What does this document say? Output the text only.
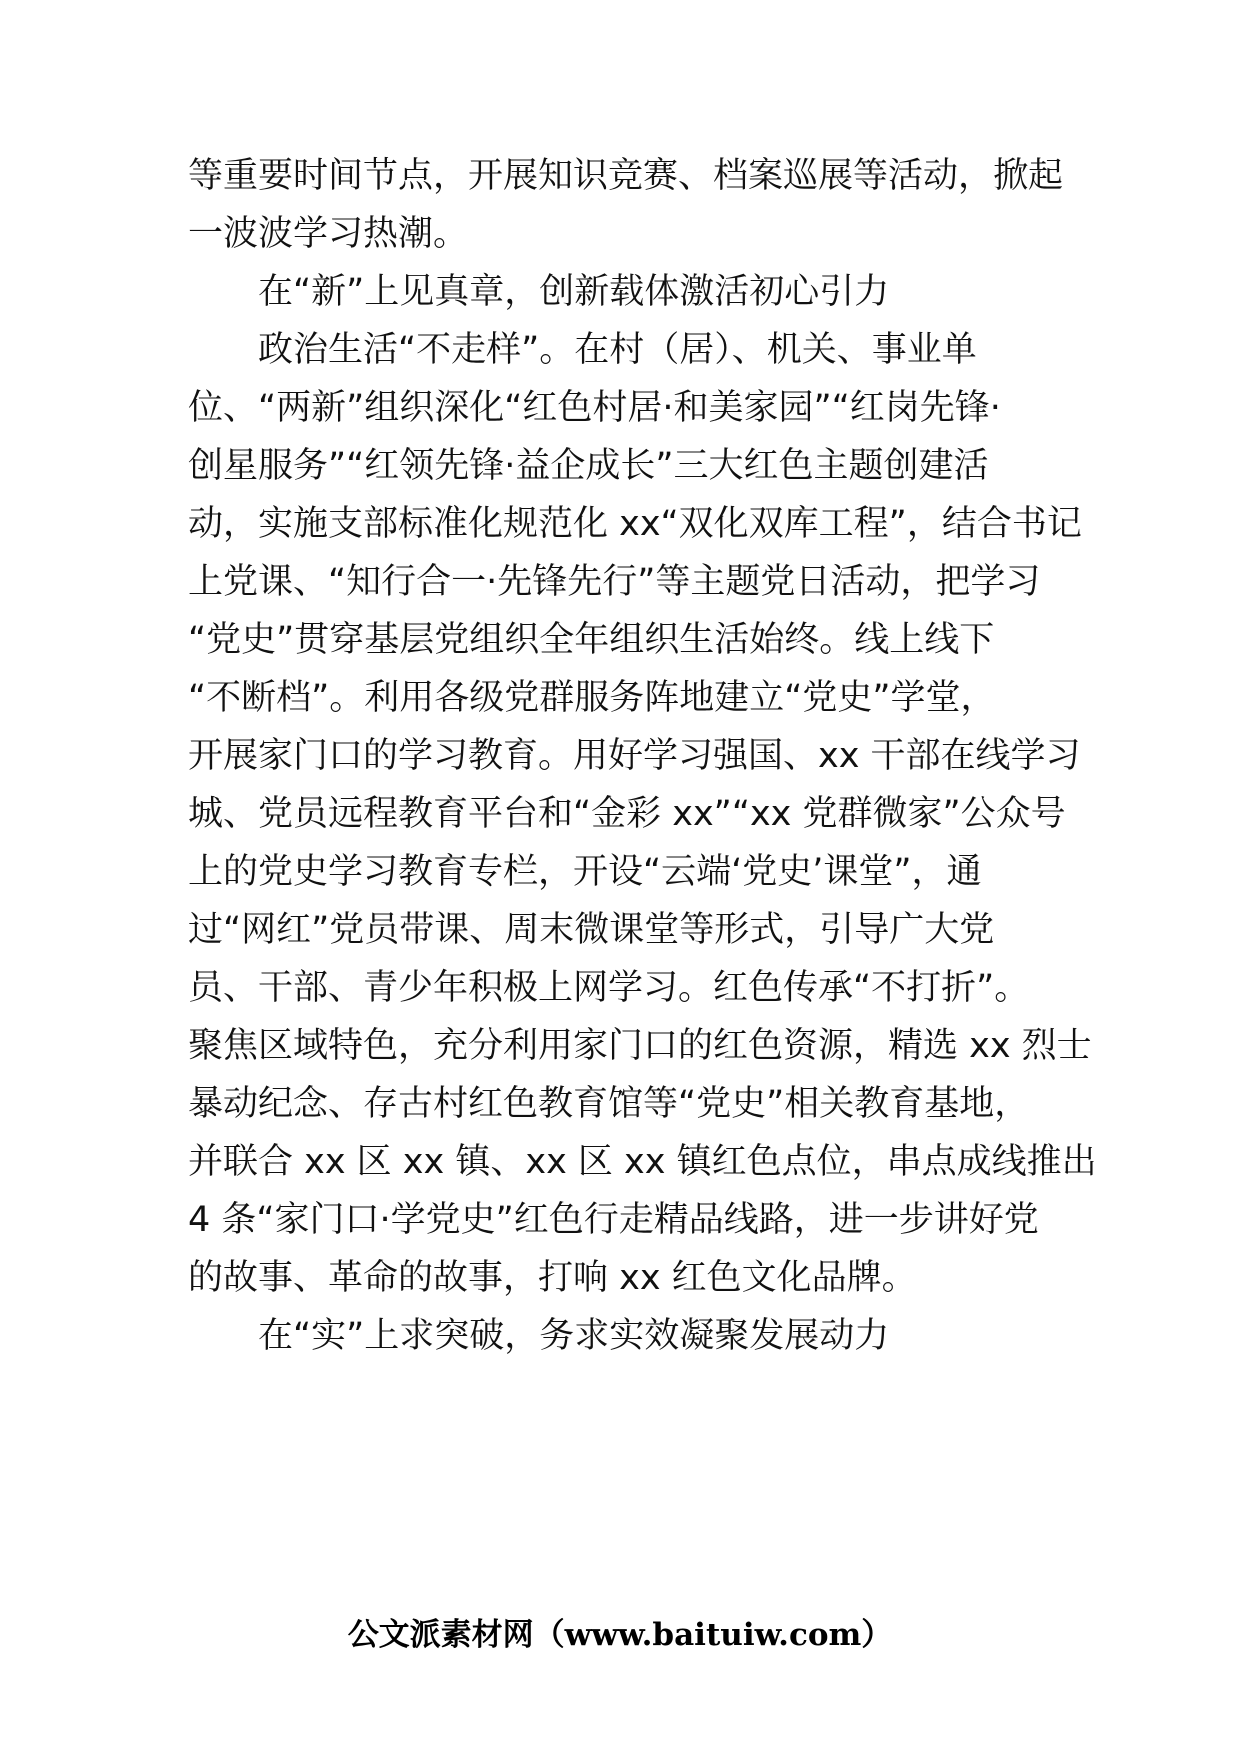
等重要时间节点，开展知识竞赛、档案巡展等活动，掀起
一波波学习热潮。
在“新”上见真章，创新载体激活初心引力
政治生活“不走样”。在村（居）、机关、事业单
位、“两新”组织深化“红色村居·和美家园”“红岗先锋·
创星服务”“红领先锋·益企成长”三大红色主题创建活
动，实施支部标准化规范化 xx“双化双库工程”，结合书记
上党课、“知行合一·先锋先行”等主题党日活动，把学习
“党史”贯穿基层党组织全年组织生活始终。线上线下
“不断档”。利用各级党群服务阵地建立“党史”学堂，
开展家门口的学习教育。用好学习强国、xx 干部在线学习
城、党员远程教育平台和“金彩 xx”“xx 党群微家”公众号
上的党史学习教育专栏，开设“云端‘党史’课堂”，通
过“网红”党员带课、周末微课堂等形式，引导广大党
员、干部、青少年积极上网学习。红色传承“不打折”。
聚焦区域特色，充分利用家门口的红色资源，精选 xx 烈士
暴动纪念、存古村红色教育馆等“党史”相关教育基地，
并联合 xx 区 xx 镇、xx 区 xx 镇红色点位，串点成线推出
4 条“家门口·学党史”红色行走精品线路，进一步讲好党
的故事、革命的故事，打响 xx 红色文化品牌。
在“实”上求突破，务求实效凝聚发展动力
公文派素材网（www.baituiw.com）
